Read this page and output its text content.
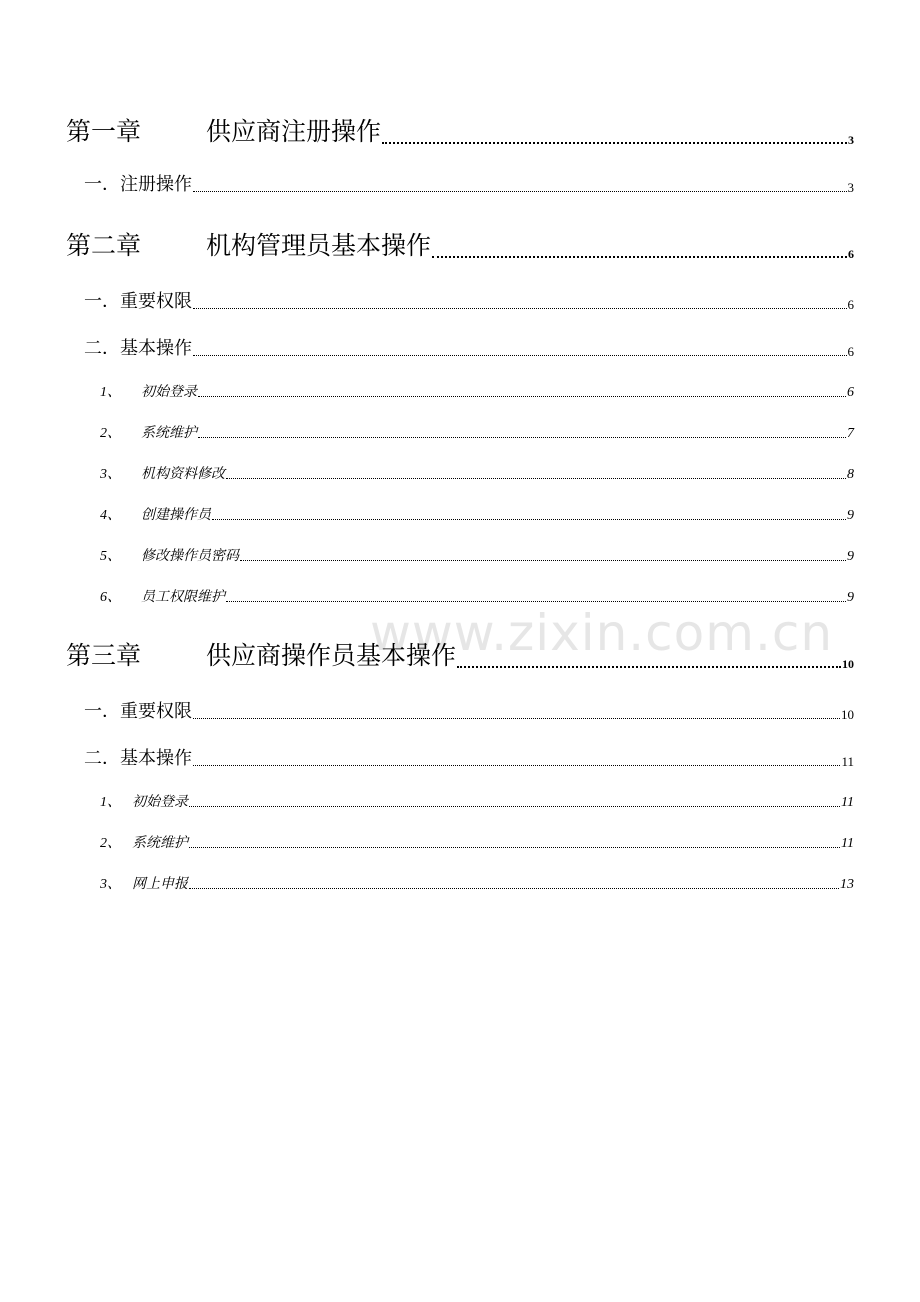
第一章	供应商注册操作	3
一． 注册操作	3
第二章	机构管理员基本操作	6
一． 重要权限	6
二． 基本操作	6
1、	初始登录	6
2、	系统维护	7
3、	机构资料修改	8
4、	创建操作员	9
5、	修改操作员密码	9
6、	员工权限维护	9
www.zixin.com.cn
第三章	供应商操作员基本操作	10
一． 重要权限	10
二． 基本操作	11
1、 初始登录	11
2、 系统维护	11
3、 网上申报	13
